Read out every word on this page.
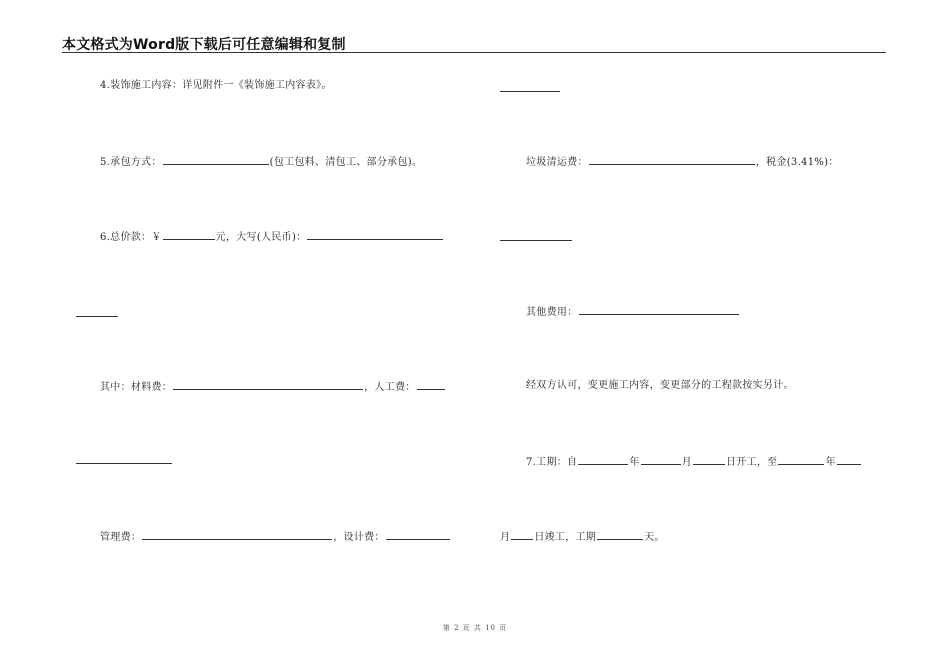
本文格式为Word版下载后可任意编辑和复制
4.装饰施工内容：详见附件一《装饰施工内容表》。
5.承包方式：	(包工包料、清包工、部分承包)。
6.总价款：￥	元，大写(人民币)：
其中：材料费：	，人工费：
管理费：	，设计费：
垃圾清运费：	，税金(3.41%)：
其他费用：
经双方认可，变更施工内容，变更部分的工程款按实另计。
7.工期：自	年	月	日开工，至	年
月 日竣工，工期	天。
第 2 页 共 10 页
